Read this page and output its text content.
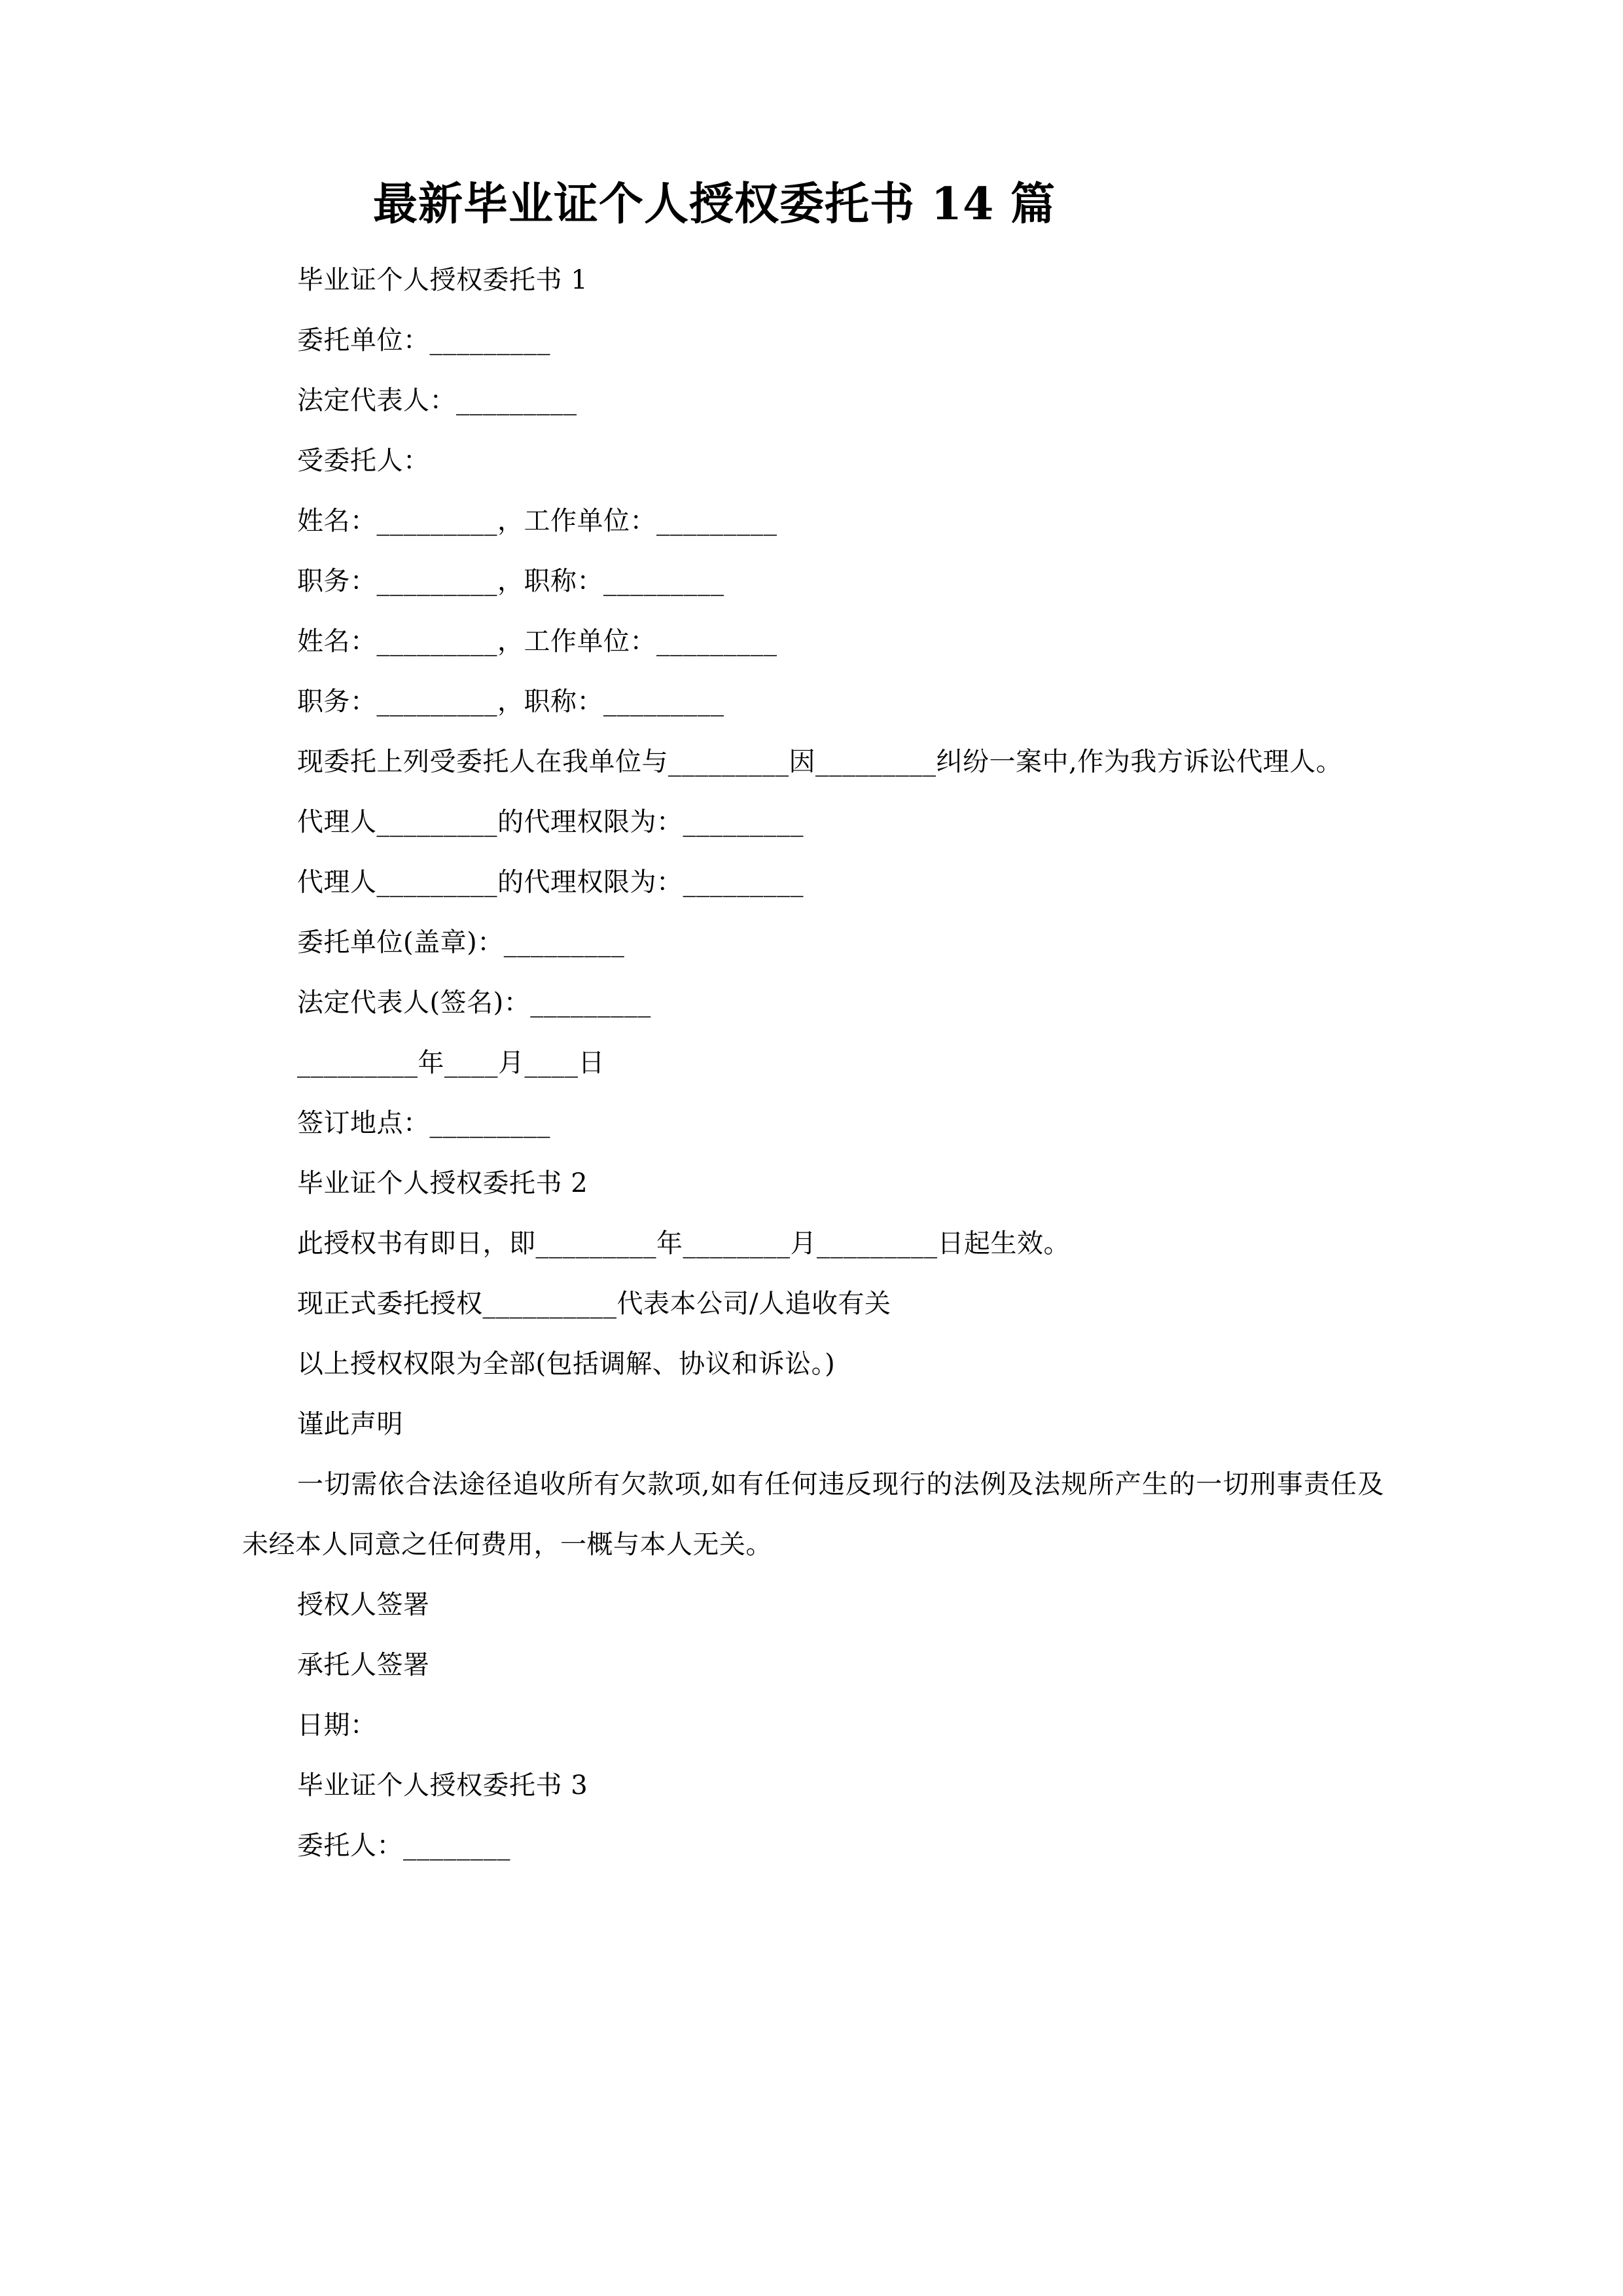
最新毕业证个人授权委托书 14 篇

毕业证个人授权委托书 1

委托单位：_________

法定代表人：_________

受委托人：

姓名：_________，工作单位：_________

职务：_________，职称：_________

姓名：_________，工作单位：_________

职务：_________，职称：_________

现委托上列受委托人在我单位与_________因_________纠纷一案中,作为我方诉讼代理人。

代理人_________的代理权限为：_________

代理人_________的代理权限为：_________

委托单位(盖章)：_________

法定代表人(签名)：_________

_________年____月____日

签订地点：_________

毕业证个人授权委托书 2

此授权书有即日，即_________年________月_________日起生效。

现正式委托授权__________代表本公司/人追收有关

以上授权权限为全部(包括调解、协议和诉讼。)

谨此声明

一切需依合法途径追收所有欠款项,如有任何违反现行的法例及法规所产生的一切刑事责任及未经本人同意之任何费用，一概与本人无关。

授权人签署

承托人签署

日期：

毕业证个人授权委托书 3

委托人：________
